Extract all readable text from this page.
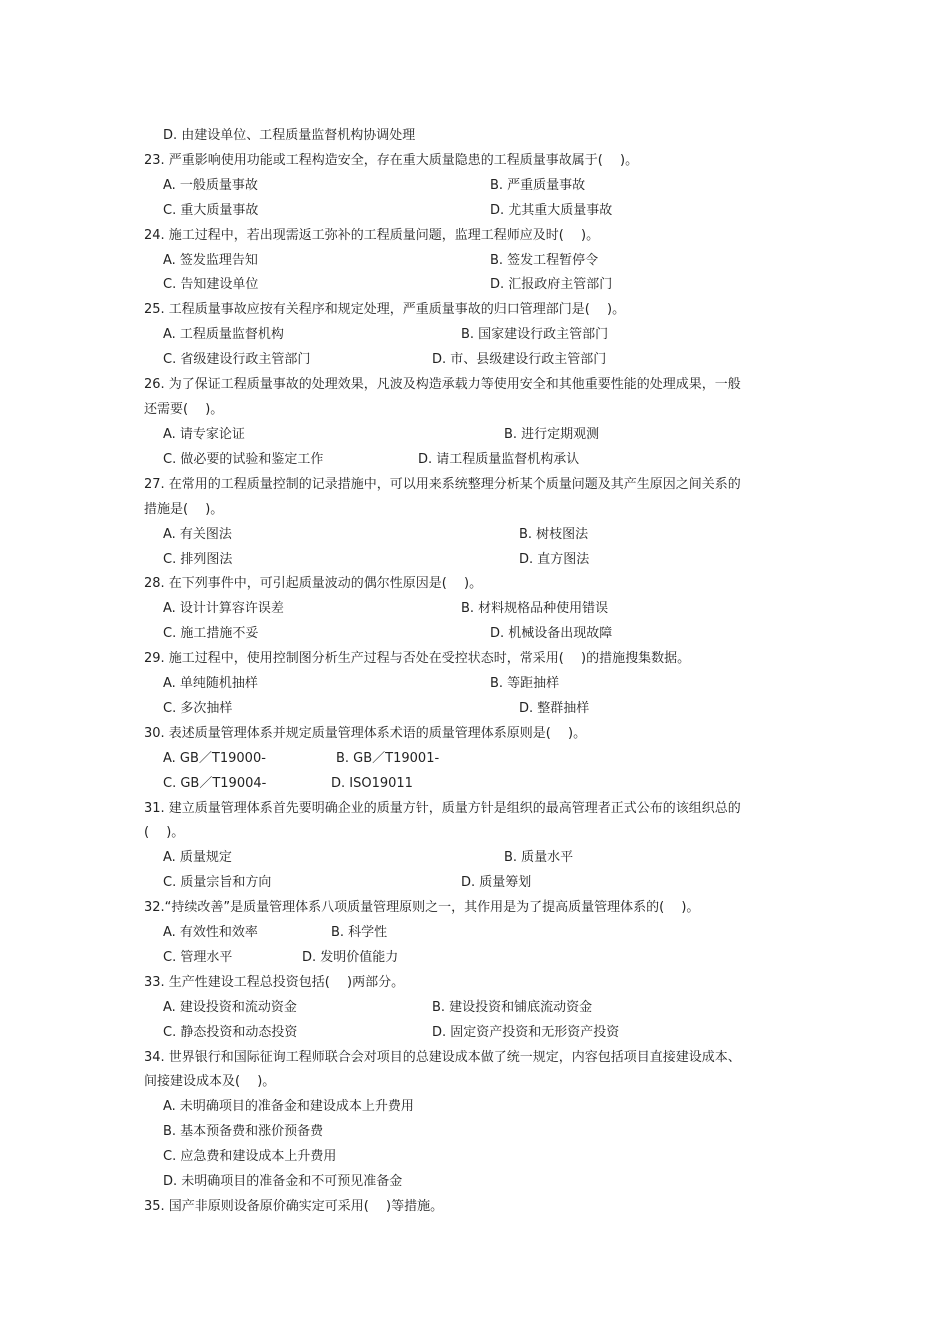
D. 由建设单位、工程质量监督机构协调处理
23. 严重影响使用功能或工程构造安全，存在重大质量隐患的工程质量事故属于(　 )。
A. 一般质量事故	B. 严重质量事故
C. 重大质量事故	D. 尤其重大质量事故
24. 施工过程中，若出现需返工弥补的工程质量问题，监理工程师应及时(　 )。
A. 签发监理告知	B. 签发工程暂停令
C. 告知建设单位	D. 汇报政府主管部门
25. 工程质量事故应按有关程序和规定处理，严重质量事故的归口管理部门是(　 )。
A. 工程质量监督机构	B. 国家建设行政主管部门
C. 省级建设行政主管部门	D. 市、县级建设行政主管部门
26. 为了保证工程质量事故的处理效果，凡波及构造承载力等使用安全和其他重要性能的处理成果，一般
还需要(　 )。
A. 请专家论证	B. 进行定期观测
C. 做必要的试验和鉴定工作	D. 请工程质量监督机构承认
27. 在常用的工程质量控制的记录措施中，可以用来系统整理分析某个质量问题及其产生原因之间关系的
措施是(　 )。
A. 有关图法	B. 树枝图法
C. 排列图法	D. 直方图法
28. 在下列事件中，可引起质量波动的偶尔性原因是(　 )。
A. 设计计算容许误差	B. 材料规格品种使用错误
C. 施工措施不妥	D. 机械设备出现故障
29. 施工过程中，使用控制图分析生产过程与否处在受控状态时，常采用(　 )的措施搜集数据。
A. 单纯随机抽样	B. 等距抽样
C. 多次抽样	D. 整群抽样
30. 表述质量管理体系并规定质量管理体系术语的质量管理体系原则是(　 )。
A. GB／T19000-	B. GB／T19001-
C. GB／T19004-	D. ISO19011
31. 建立质量管理体系首先要明确企业的质量方针，质量方针是组织的最高管理者正式公布的该组织总的
(　 )。
A. 质量规定	B. 质量水平
C. 质量宗旨和方向	D. 质量筹划
32.“持续改善”是质量管理体系八项质量管理原则之一，其作用是为了提高质量管理体系的(　 )。
A. 有效性和效率	B. 科学性
C. 管理水平	D. 发明价值能力
33. 生产性建设工程总投资包括(　 )两部分。
A. 建设投资和流动资金	B. 建设投资和铺底流动资金
C. 静态投资和动态投资	D. 固定资产投资和无形资产投资
34. 世界银行和国际征询工程师联合会对项目的总建设成本做了统一规定，内容包括项目直接建设成本、
间接建设成本及(　 )。
A. 未明确项目的准备金和建设成本上升费用
B. 基本预备费和涨价预备费
C. 应急费和建设成本上升费用
D. 未明确项目的准备金和不可预见准备金
35. 国产非原则设备原价确实定可采用(　 )等措施。
